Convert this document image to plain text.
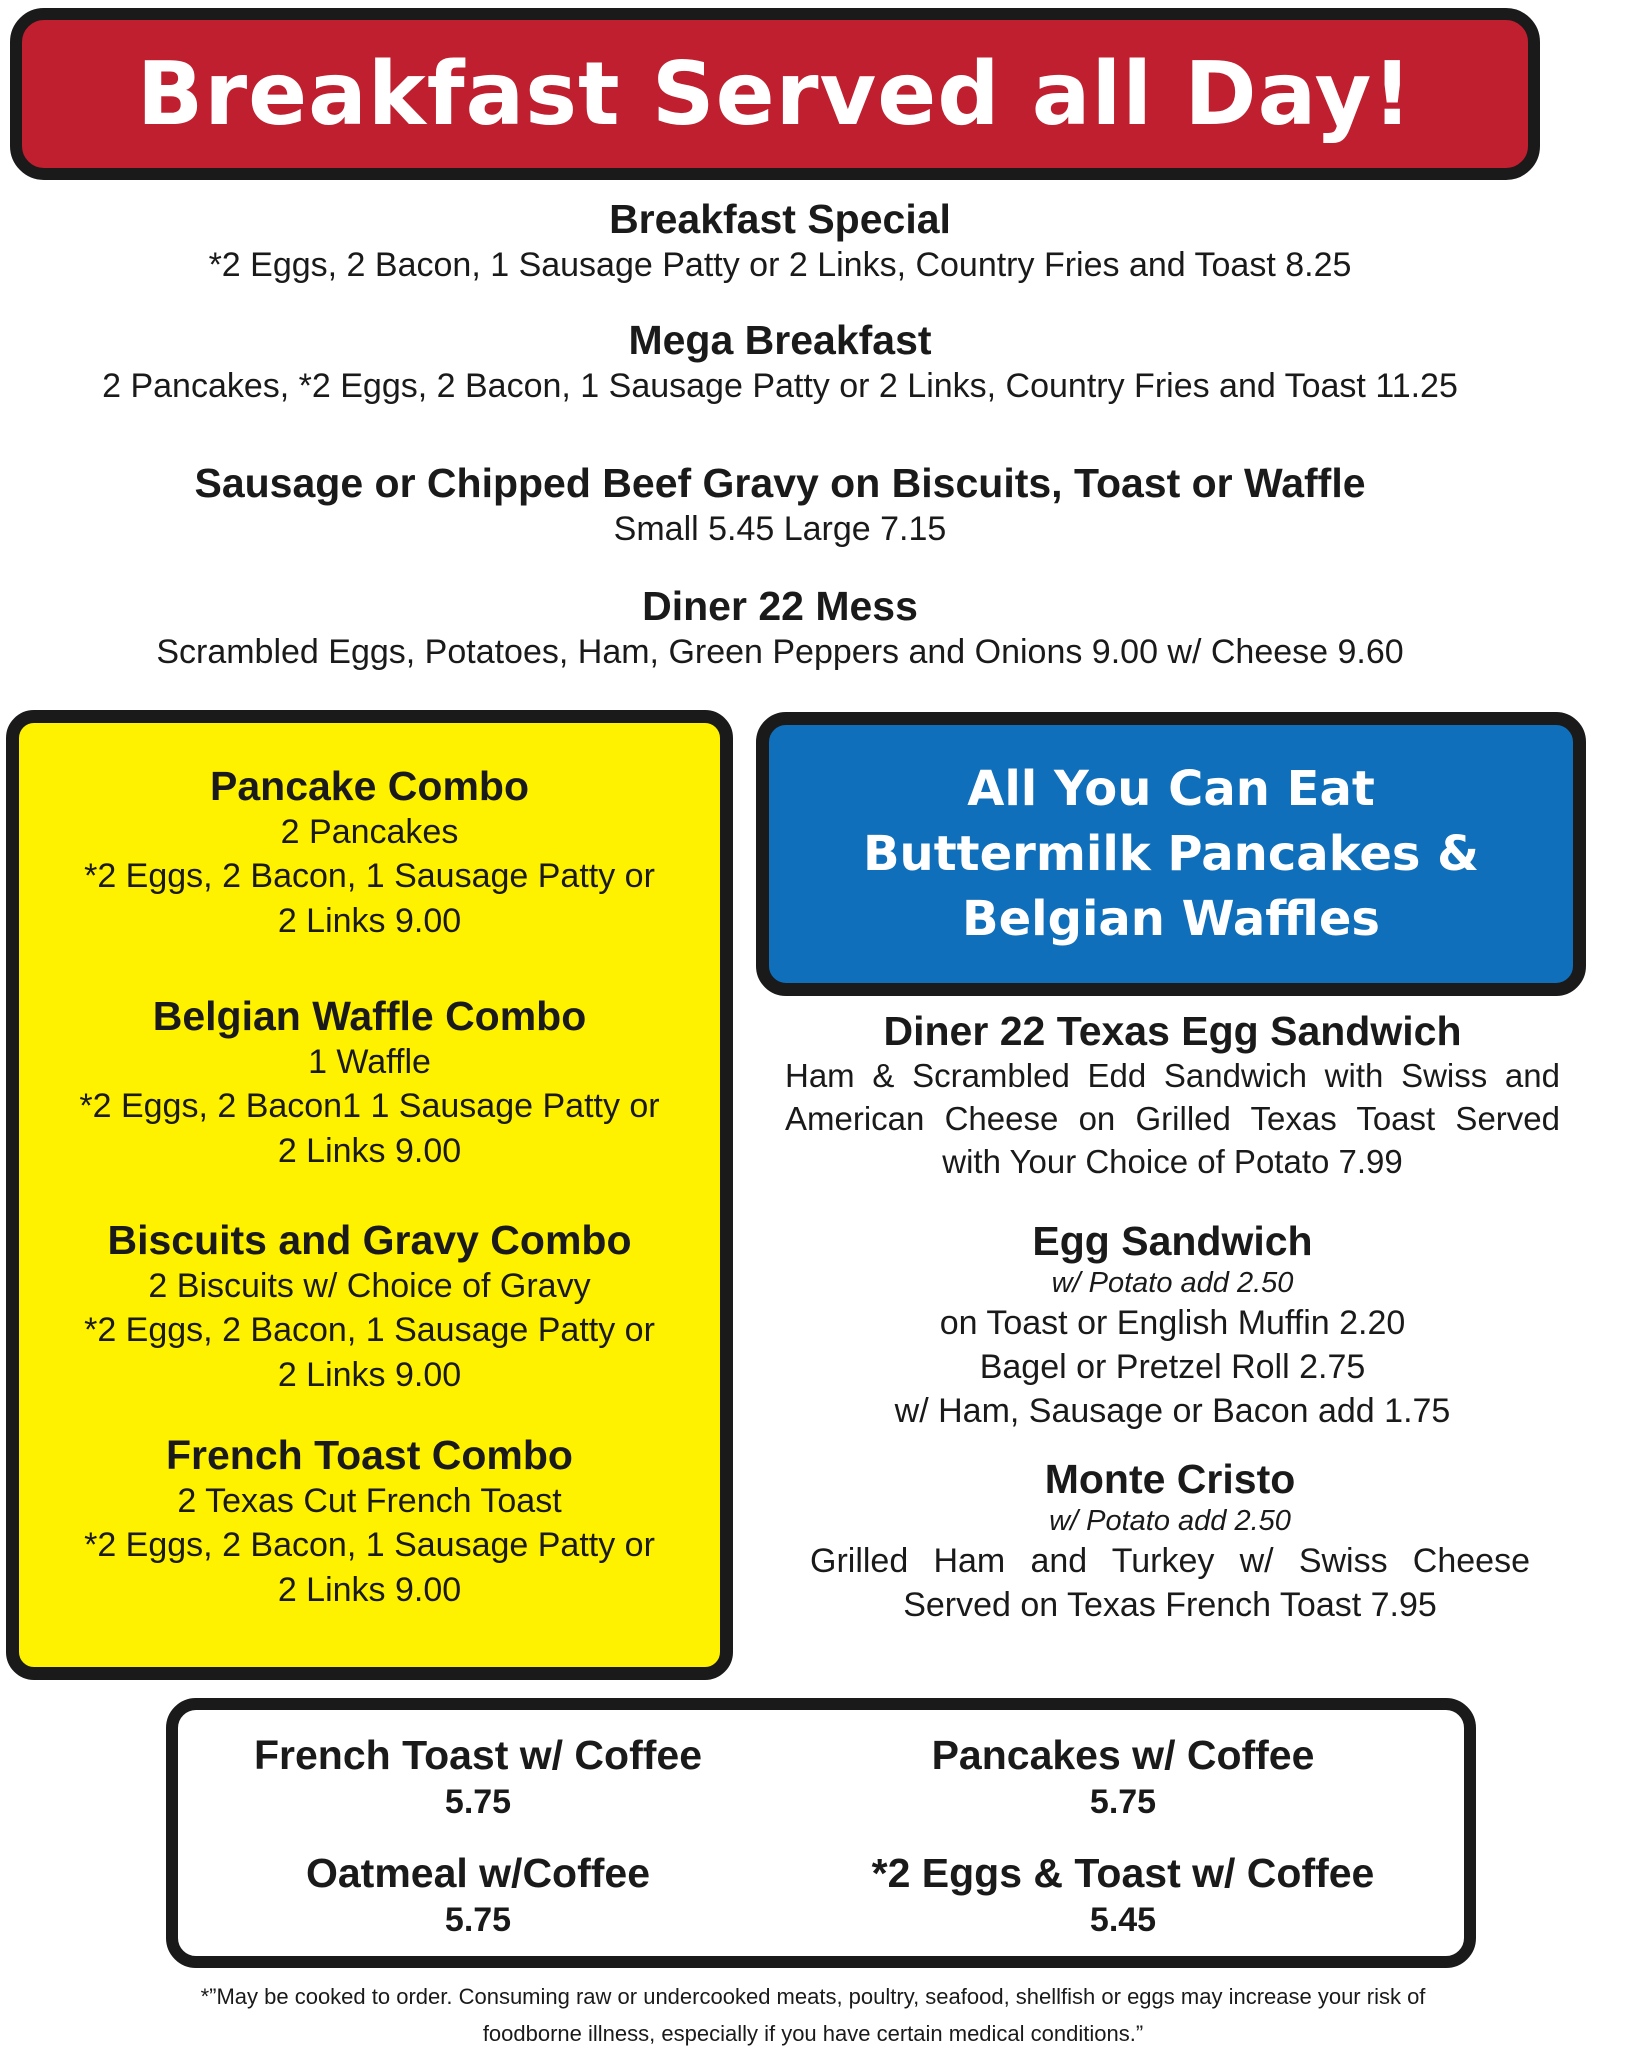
Breakfast Served all Day!
Breakfast Special
*2 Eggs, 2 Bacon, 1 Sausage Patty or 2 Links, Country Fries and Toast 8.25
Mega Breakfast
2 Pancakes, *2 Eggs, 2 Bacon, 1 Sausage Patty or 2 Links, Country Fries and Toast 11.25
Sausage or Chipped Beef Gravy on Biscuits, Toast or Waffle
Small 5.45 Large 7.15
Diner 22 Mess
Scrambled Eggs, Potatoes, Ham, Green Peppers and Onions 9.00 w/ Cheese 9.60
Pancake Combo
2 Pancakes
*2 Eggs, 2 Bacon, 1 Sausage Patty or
2 Links 9.00
Belgian Waffle Combo
1 Waffle
*2 Eggs, 2 Bacon1 1 Sausage Patty or
2 Links 9.00
Biscuits and Gravy Combo
2 Biscuits w/ Choice of Gravy
*2 Eggs, 2 Bacon, 1 Sausage Patty or
2 Links 9.00
French Toast Combo
2 Texas Cut French Toast
*2 Eggs, 2 Bacon, 1 Sausage Patty or
2 Links 9.00
All You Can Eat
Buttermilk Pancakes &
Belgian Waffles
Diner 22 Texas Egg Sandwich
Ham & Scrambled Edd Sandwich with Swiss and American Cheese on Grilled Texas Toast Served with Your Choice of Potato 7.99
Egg Sandwich
w/ Potato add 2.50
on Toast or English Muffin 2.20
Bagel or Pretzel Roll 2.75
w/ Ham, Sausage or Bacon add 1.75
Monte Cristo
w/ Potato add 2.50
Grilled Ham and Turkey w/ Swiss Cheese Served on Texas French Toast 7.95
French Toast w/ Coffee
5.75
Pancakes w/ Coffee
5.75
Oatmeal w/Coffee
5.75
*2 Eggs & Toast w/ Coffee
5.45
*”May be cooked to order. Consuming raw or undercooked meats, poultry, seafood, shellfish or eggs may increase your risk of
foodborne illness, especially if you have certain medical conditions.”
